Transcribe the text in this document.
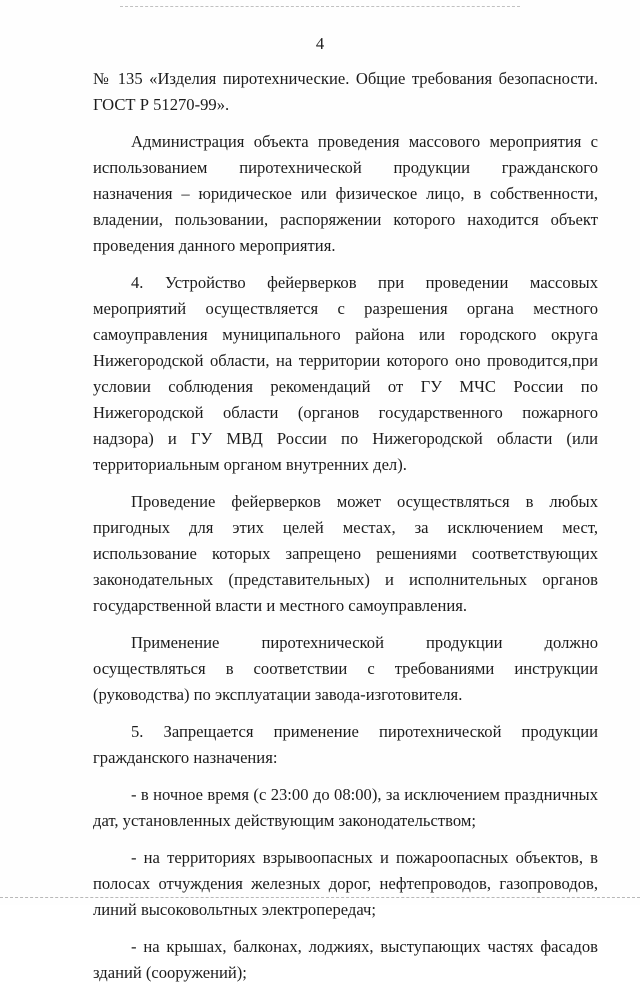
4

№ 135 «Изделия пиротехнические. Общие требования безопасности. ГОСТ Р 51270-99».

Администрация объекта проведения массового мероприятия с использованием пиротехнической продукции гражданского назначения – юридическое или физическое лицо, в собственности, владении, пользовании, распоряжении которого находится объект проведения данного мероприятия.

4. Устройство фейерверков при проведении массовых мероприятий осуществляется с разрешения органа местного самоуправления муниципального района или городского округа Нижегородской области, на территории которого оно проводится,при условии соблюдения рекомендаций от ГУ МЧС России по Нижегородской области (органов государственного пожарного надзора) и ГУ МВД России по Нижегородской области (или территориальным органом внутренних дел).

Проведение фейерверков может осуществляться в любых пригодных для этих целей местах, за исключением мест, использование которых запрещено решениями соответствующих законодательных (представительных) и исполнительных органов государственной власти и местного самоуправления.

Применение пиротехнической продукции должно осуществляться в соответствии с требованиями инструкции (руководства) по эксплуатации завода-изготовителя.

5. Запрещается применение пиротехнической продукции гражданского назначения:

- в ночное время (с 23:00 до 08:00), за исключением праздничных дат, установленных действующим законодательством;

- на территориях взрывоопасных и пожароопасных объектов, в полосах отчуждения железных дорог, нефтепроводов, газопроводов, линий высоковольтных электропередач;

- на крышах, балконах, лоджиях, выступающих частях фасадов зданий (сооружений);
